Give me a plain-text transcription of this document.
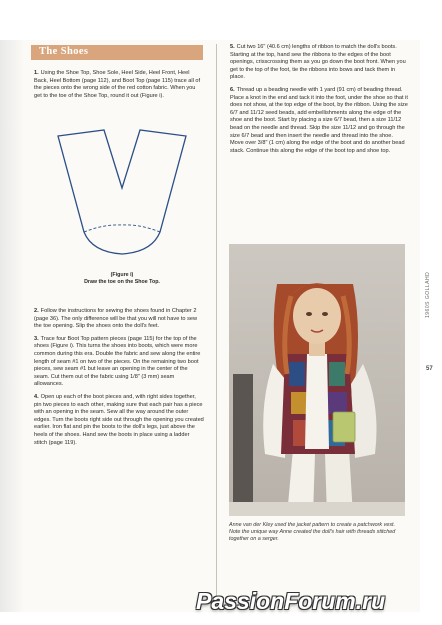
The Shoes

1. Using the Shoe Top, Shoe Sole, Heel Side, Heel Front, Heel Back, Heel Bottom (page 112), and Boot Top (page 115) trace all of the pieces onto the wrong side of the red cotton fabric. When you get to the toe of the Shoe Top, round it out (Figure i).

(Figure i)
Draw the toe on the Shoe Top.

2. Follow the instructions for sewing the shoes found in Chapter 2 (page 36). The only difference will be that you will not have to sew the toe opening. Slip the shoes onto the doll's feet.

3. Trace four Boot Top pattern pieces (page 115) for the top of the shoes (Figure i). This turns the shoes into boots, which were more common during this era. Double the fabric and sew along the entire length of seam #1 on two of the pieces. On the remaining two boot pieces, sew seam #1 but leave an opening in the center of the seam. Cut them out of the fabric using 1/8" (3 mm) seam allowances.

4. Open up each of the boot pieces and, with right sides together, pin two pieces to each other, making sure that each pair has a piece with an opening in the seam. Sew all the way around the outer edges. Turn the boots right side out through the opening you created earlier. Iron flat and pin the boots to the doll's legs, just above the heels of the shoes. Hand sew the boots in place using a ladder stitch (page 119).

5. Cut two 16" (40.6 cm) lengths of ribbon to match the doll's boots. Starting at the top, hand sew the ribbons to the edges of the boot openings, crisscrossing them as you go down the boot front. When you get to the top of the foot, tie the ribbons into bows and tack them in place.

6. Thread up a beading needle with 1 yard (91 cm) of beading thread. Place a knot in the end and tack it into the foot, under the shoe so that it does not show, at the top edge of the boot, by the ribbon. Using the size 6/7 and 11/12 seed beads, add embellishments along the edge of the shoe and the boot. Start by placing a size 6/7 bead, then a size 11/12 bead on the needle and thread. Skip the size 11/12 and go through the size 6/7 bead and then insert the needle and thread into the shoe. Move over 3/8" (1 cm) along the edge of the boot and do another bead stack. Continue this along the edge of the boot top and shoe top.

1960S GOLLAHD
57
Anne van der Kley used the jacket pattern to create a patchwork vest. Note the unique way Anne created the doll's hair with threads stitched together on a serger.
PassionForum.ru
